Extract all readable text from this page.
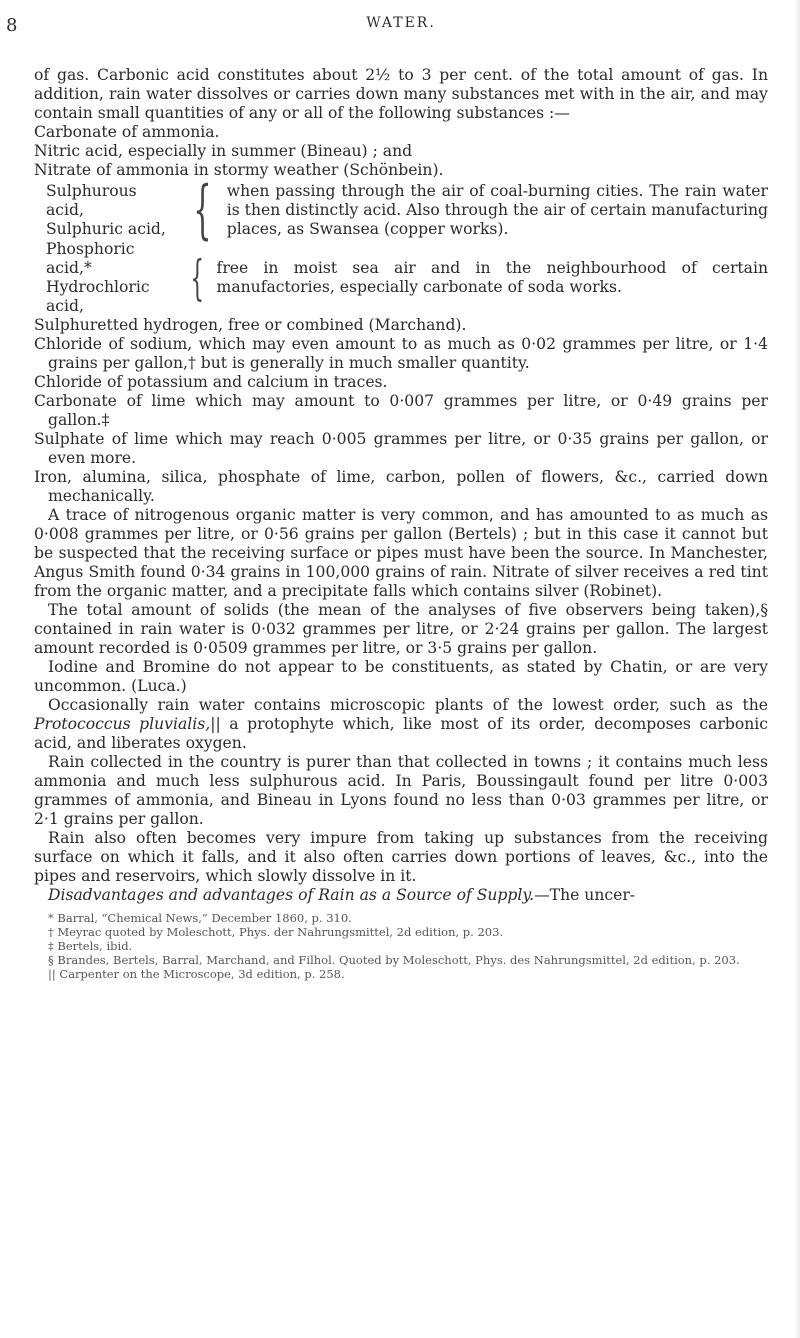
8	WATER.

of gas. Carbonic acid constitutes about 2½ to 3 per cent. of the total amount of gas. In addition, rain water dissolves or carries down many substances met with in the air, and may contain small quantities of any or all of the following substances :—

Carbonate of ammonia.

Nitric acid, especially in summer (Bineau) ; and

Nitrate of ammonia in stormy weather (Schönbein).

Sulphurous acid,
Sulphuric acid, { when passing through the air of coal-burning cities. The rain water is then distinctly acid. Also through the air of certain manufacturing places, as Swansea (copper works).
Phosphoric acid,*
Hydrochloric acid,	{ free in moist sea air and in the neighbourhood of certain manufactories, especially carbonate of soda works.

Sulphuretted hydrogen, free or combined (Marchand).

Chloride of sodium, which may even amount to as much as 0·02 grammes per litre, or 1·4 grains per gallon,† but is generally in much smaller quantity.

Chloride of potassium and calcium in traces.

Carbonate of lime which may amount to 0·007 grammes per litre, or 0·49 grains per gallon.‡

Sulphate of lime which may reach 0·005 grammes per litre, or 0·35 grains per gallon, or even more.

Iron, alumina, silica, phosphate of lime, carbon, pollen of flowers, &c., carried down mechanically.

A trace of nitrogenous organic matter is very common, and has amounted to as much as 0·008 grammes per litre, or 0·56 grains per gallon (Bertels) ; but in this case it cannot but be suspected that the receiving surface or pipes must have been the source. In Manchester, Angus Smith found 0·34 grains in 100,000 grains of rain. Nitrate of silver receives a red tint from the organic matter, and a precipitate falls which contains silver (Robinet).

The total amount of solids (the mean of the analyses of five observers being taken),§ contained in rain water is 0·032 grammes per litre, or 2·24 grains per gallon. The largest amount recorded is 0·0509 grammes per litre, or 3·5 grains per gallon.

Iodine and Bromine do not appear to be constituents, as stated by Chatin, or are very uncommon. (Luca.)

Occasionally rain water contains microscopic plants of the lowest order, such as the Protococcus pluvialis,|| a protophyte which, like most of its order, decomposes carbonic acid, and liberates oxygen.

Rain collected in the country is purer than that collected in towns ; it contains much less ammonia and much less sulphurous acid. In Paris, Boussingault found per litre 0·003 grammes of ammonia, and Bineau in Lyons found no less than 0·03 grammes per litre, or 2·1 grains per gallon.

Rain also often becomes very impure from taking up substances from the receiving surface on which it falls, and it also often carries down portions of leaves, &c., into the pipes and reservoirs, which slowly dissolve in it.

Disadvantages and advantages of Rain as a Source of Supply.—The uncer-

* Barral, “Chemical News,” December 1860, p. 310.

† Meyrac quoted by Moleschott, Phys. der Nahrungsmittel, 2d edition, p. 203.

‡ Bertels, ibid.

§ Brandes, Bertels, Barral, Marchand, and Filhol. Quoted by Moleschott, Phys. des Nahrungsmittel, 2d edition, p. 203.

|| Carpenter on the Microscope, 3d edition, p. 258.
